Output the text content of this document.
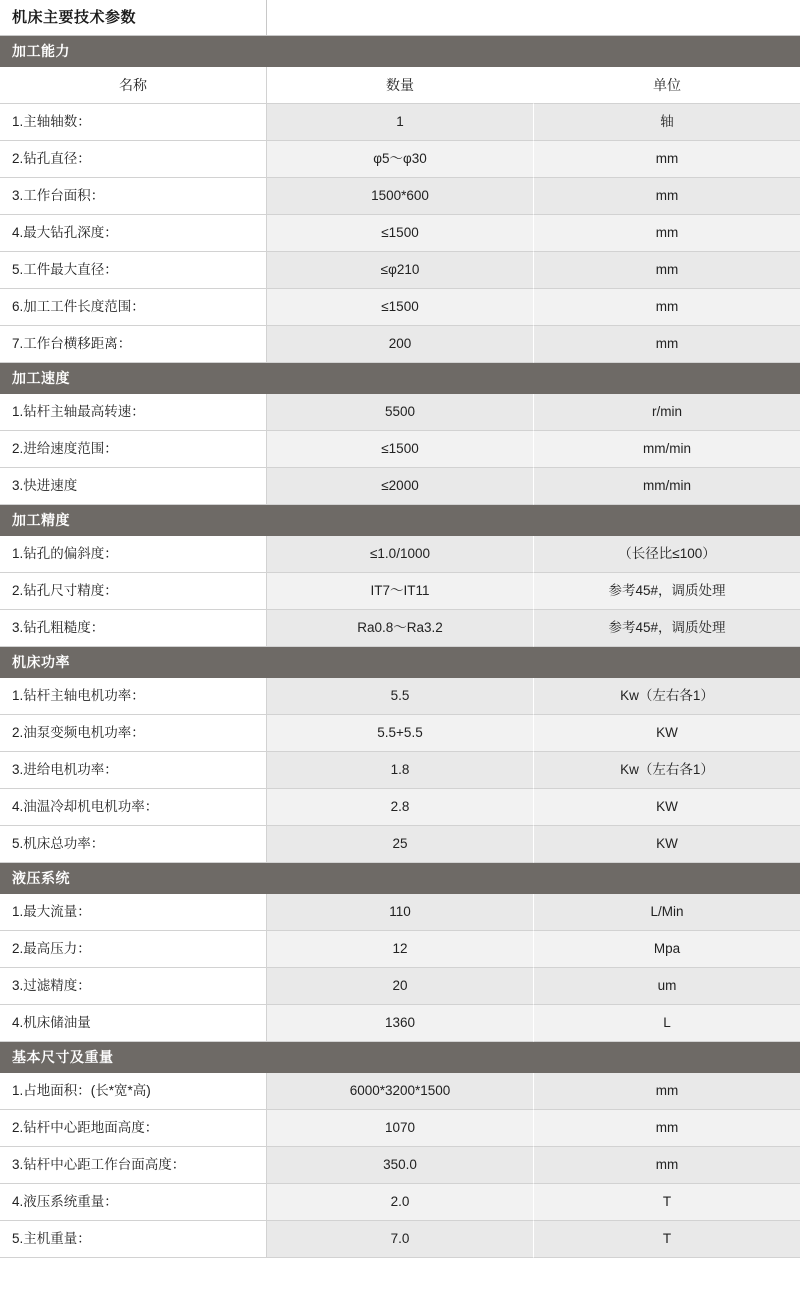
机床主要技术参数
加工能力
名称	数量	单位
1.主轴轴数：	1	轴
2.钻孔直径：	φ5～φ30	mm
3.工作台面积：	1500*600	mm
4.最大钻孔深度：	≤1500	mm
5.工件最大直径：	≤φ210	mm
6.加工工件长度范围：	≤1500	mm
7.工作台横移距离：	200	mm
加工速度
1.钻杆主轴最高转速：	5500	r/min
2.进给速度范围：	≤1500	mm/min
3.快进速度	≤2000	mm/min
加工精度
1.钻孔的偏斜度：	≤1.0/1000	（长径比≤100）
2.钻孔尺寸精度：	IT7～IT11	参考45#，调质处理
3.钻孔粗糙度：	Ra0.8～Ra3.2	参考45#，调质处理
机床功率
1.钻杆主轴电机功率：	5.5	Kw（左右各1）
2.油泵变频电机功率：	5.5+5.5	KW
3.进给电机功率：	1.8	Kw（左右各1）
4.油温冷却机电机功率：	2.8	KW
5.机床总功率：	25	KW
液压系统
1.最大流量：	110	L/Min
2.最高压力：	12	Mpa
3.过滤精度：	20	um
4.机床储油量	1360	L
基本尺寸及重量
1.占地面积：(长*宽*高)	6000*3200*1500	mm
2.钻杆中心距地面高度：	1070	mm
3.钻杆中心距工作台面高度：	350.0	mm
4.液压系统重量：	2.0	T
5.主机重量：	7.0	T
